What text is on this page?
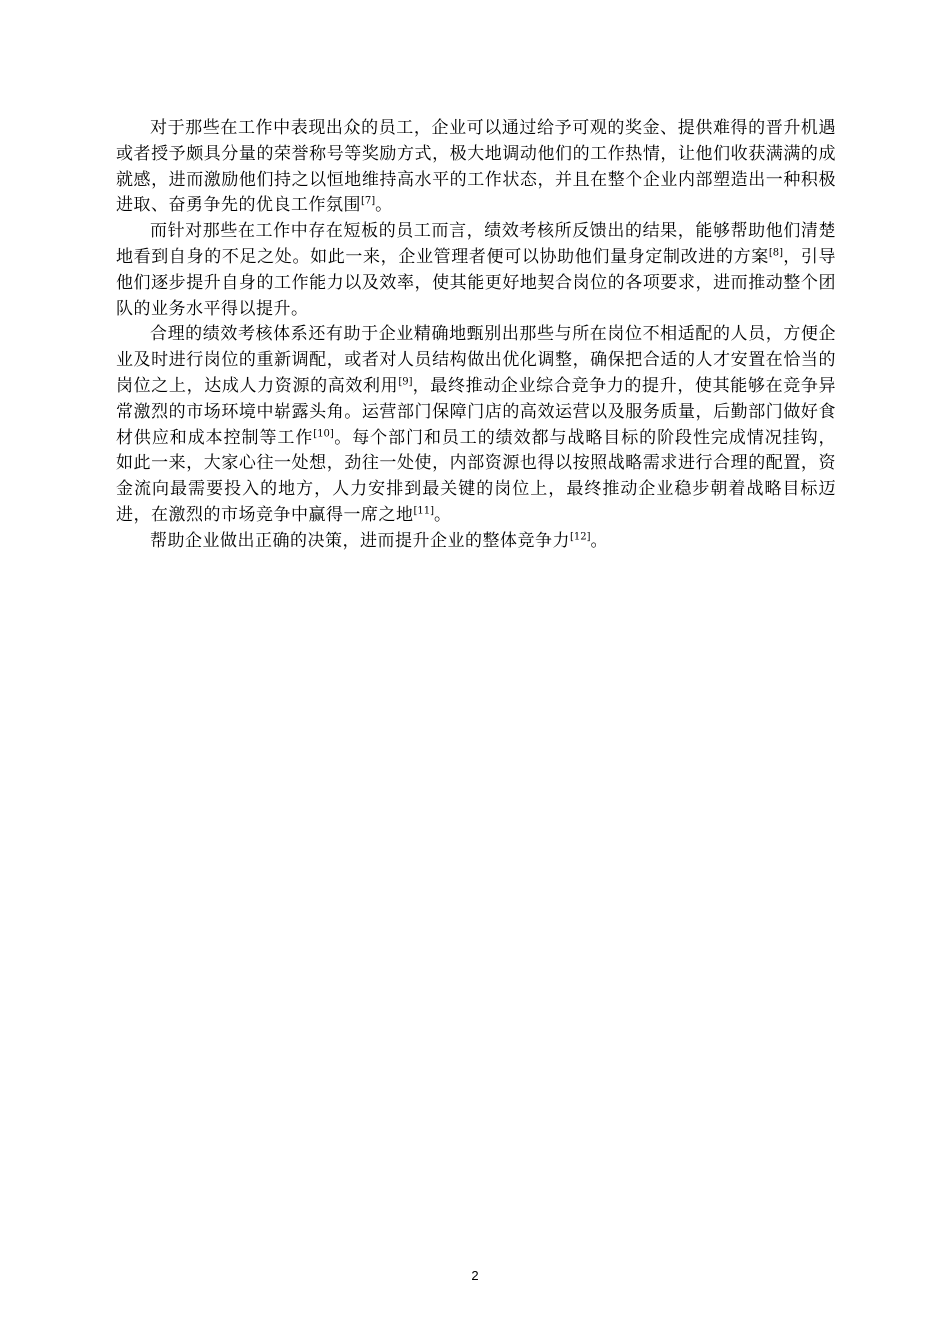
对于那些在工作中表现出众的员工，企业可以通过给予可观的奖金、提供难得的晋升机遇或者授予颇具分量的荣誉称号等奖励方式，极大地调动他们的工作热情，让他们收获满满的成就感，进而激励他们持之以恒地维持高水平的工作状态，并且在整个企业内部塑造出一种积极进取、奋勇争先的优良工作氛围[7]。

而针对那些在工作中存在短板的员工而言，绩效考核所反馈出的结果，能够帮助他们清楚地看到自身的不足之处。如此一来，企业管理者便可以协助他们量身定制改进的方案[8]，引导他们逐步提升自身的工作能力以及效率，使其能更好地契合岗位的各项要求，进而推动整个团队的业务水平得以提升。

合理的绩效考核体系还有助于企业精确地甄别出那些与所在岗位不相适配的人员，方便企业及时进行岗位的重新调配，或者对人员结构做出优化调整，确保把合适的人才安置在恰当的岗位之上，达成人力资源的高效利用[9]，最终推动企业综合竞争力的提升，使其能够在竞争异常激烈的市场环境中崭露头角。运营部门保障门店的高效运营以及服务质量，后勤部门做好食材供应和成本控制等工作[10]。每个部门和员工的绩效都与战略目标的阶段性完成情况挂钩，如此一来，大家心往一处想，劲往一处使，内部资源也得以按照战略需求进行合理的配置，资金流向最需要投入的地方，人力安排到最关键的岗位上，最终推动企业稳步朝着战略目标迈进，在激烈的市场竞争中赢得一席之地[11]。

帮助企业做出正确的决策，进而提升企业的整体竞争力[12]。

2
